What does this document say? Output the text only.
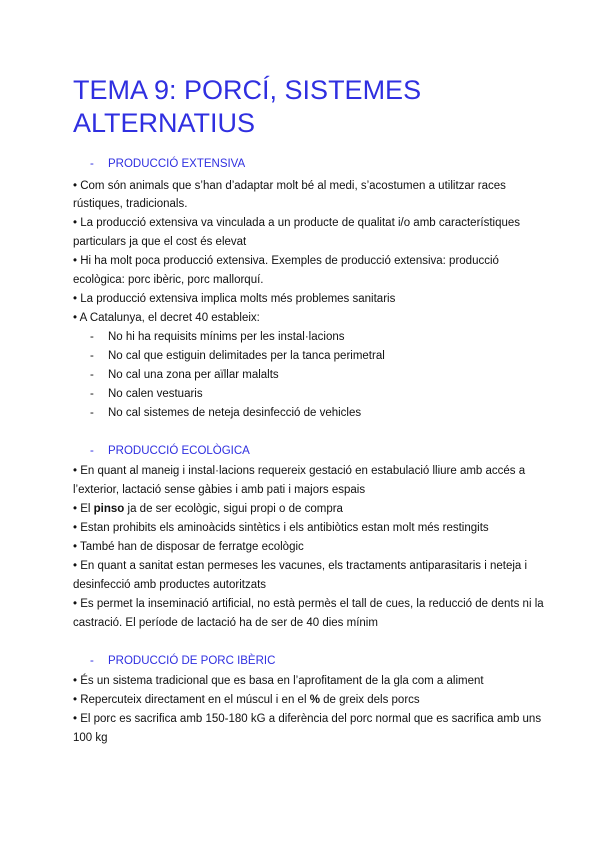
TEMA 9: PORCÍ, SISTEMES ALTERNATIUS
- PRODUCCIÓ EXTENSIVA
• Com són animals que s’han d’adaptar molt bé al medi, s’acostumen a utilitzar races
rústiques, tradicionals.
• La producció extensiva va vinculada a un producte de qualitat i/o amb característiques
particulars ja que el cost és elevat
• Hi ha molt poca producció extensiva. Exemples de producció extensiva: producció
ecològica: porc ibèric, porc mallorquí.
• La producció extensiva implica molts més problemes sanitaris
• A Catalunya, el decret 40 estableix:
- No hi ha requisits mínims per les instal·lacions
- No cal que estiguin delimitades per la tanca perimetral
- No cal una zona per aïllar malalts
- No calen vestuaris
- No cal sistemes de neteja desinfecció de vehicles
- PRODUCCIÓ ECOLÒGICA
• En quant al maneig i instal·lacions requereix gestació en estabulació lliure amb accés a
l’exterior, lactació sense gàbies i amb pati i majors espais
• El pinso ja de ser ecològic, sigui propi o de compra
• Estan prohibits els aminoàcids sintètics i els antibiòtics estan molt més restingits
• També han de disposar de ferratge ecològic
• En quant a sanitat estan permeses les vacunes, els tractaments antiparasitaris i neteja i
desinfecció amb productes autoritzats
• Es permet la inseminació artificial, no està permès el tall de cues, la reducció de dents ni la
castració. El període de lactació ha de ser de 40 dies mínim
- PRODUCCIÓ DE PORC IBÈRIC
• És un sistema tradicional que es basa en l’aprofitament de la gla com a aliment
• Repercuteix directament en el múscul i en el % de greix dels porcs
• El porc es sacrifica amb 150-180 kG a diferència del porc normal que es sacrifica amb uns
100 kg
